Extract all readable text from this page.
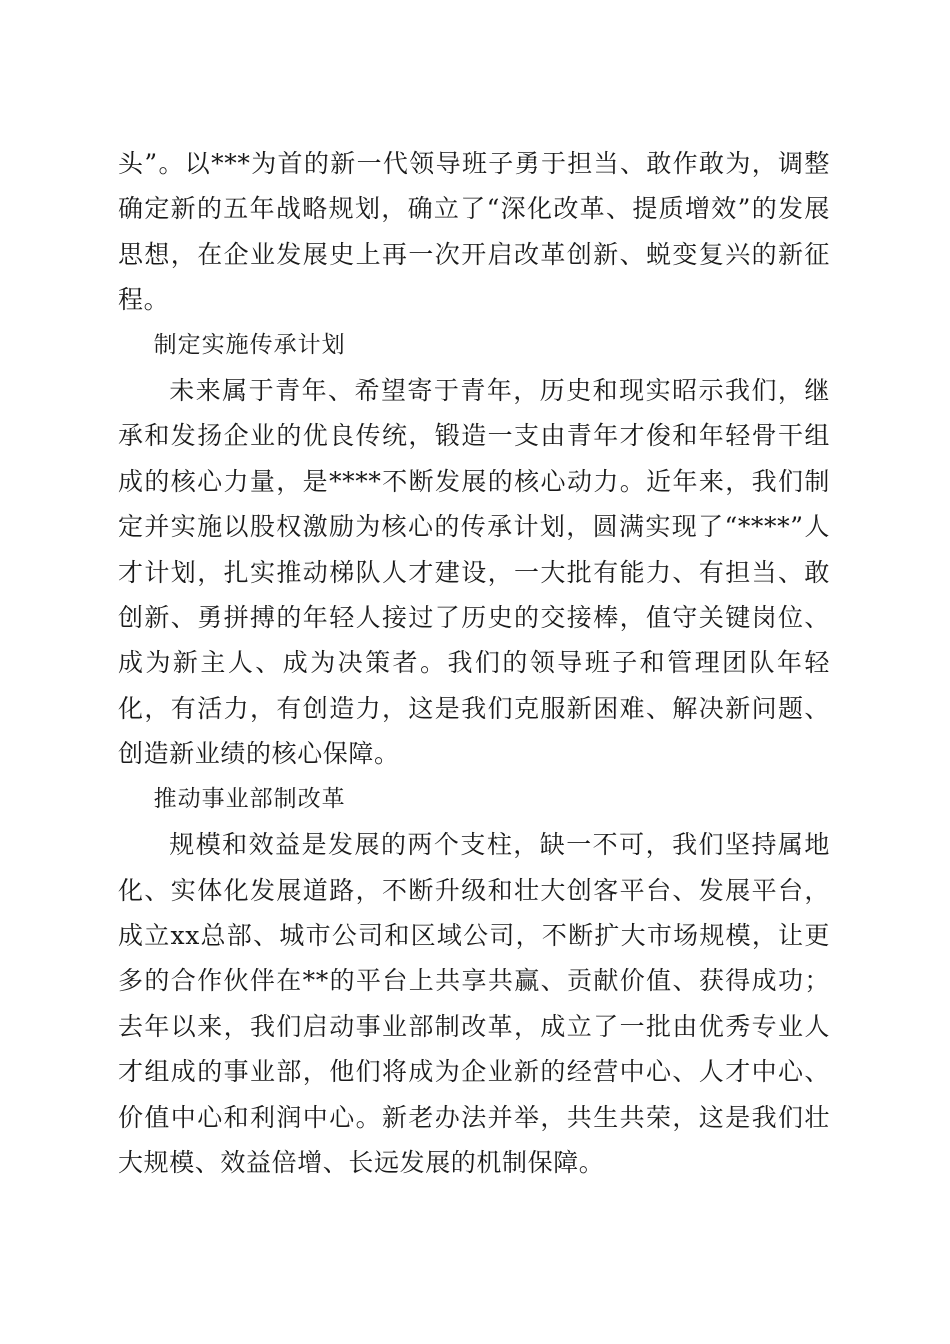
头”。以***为首的新一代领导班子勇于担当、敢作敢为，调整确定新的五年战略规划，确立了“深化改革、提质增效”的发展思想，在企业发展史上再一次开启改革创新、蜕变复兴的新征程。

制定实施传承计划

未来属于青年、希望寄于青年，历史和现实昭示我们，继承和发扬企业的优良传统，锻造一支由青年才俊和年轻骨干组成的核心力量，是****不断发展的核心动力。近年来，我们制定并实施以股权激励为核心的传承计划，圆满实现了“****”人才计划，扎实推动梯队人才建设，一大批有能力、有担当、敢创新、勇拼搏的年轻人接过了历史的交接棒，值守关键岗位、成为新主人、成为决策者。我们的领导班子和管理团队年轻化，有活力，有创造力，这是我们克服新困难、解决新问题、创造新业绩的核心保障。

推动事业部制改革

规模和效益是发展的两个支柱，缺一不可，我们坚持属地化、实体化发展道路，不断升级和壮大创客平台、发展平台，成立xx总部、城市公司和区域公司，不断扩大市场规模，让更多的合作伙伴在**的平台上共享共赢、贡献价值、获得成功；去年以来，我们启动事业部制改革，成立了一批由优秀专业人才组成的事业部，他们将成为企业新的经营中心、人才中心、价值中心和利润中心。新老办法并举，共生共荣，这是我们壮大规模、效益倍增、长远发展的机制保障。
